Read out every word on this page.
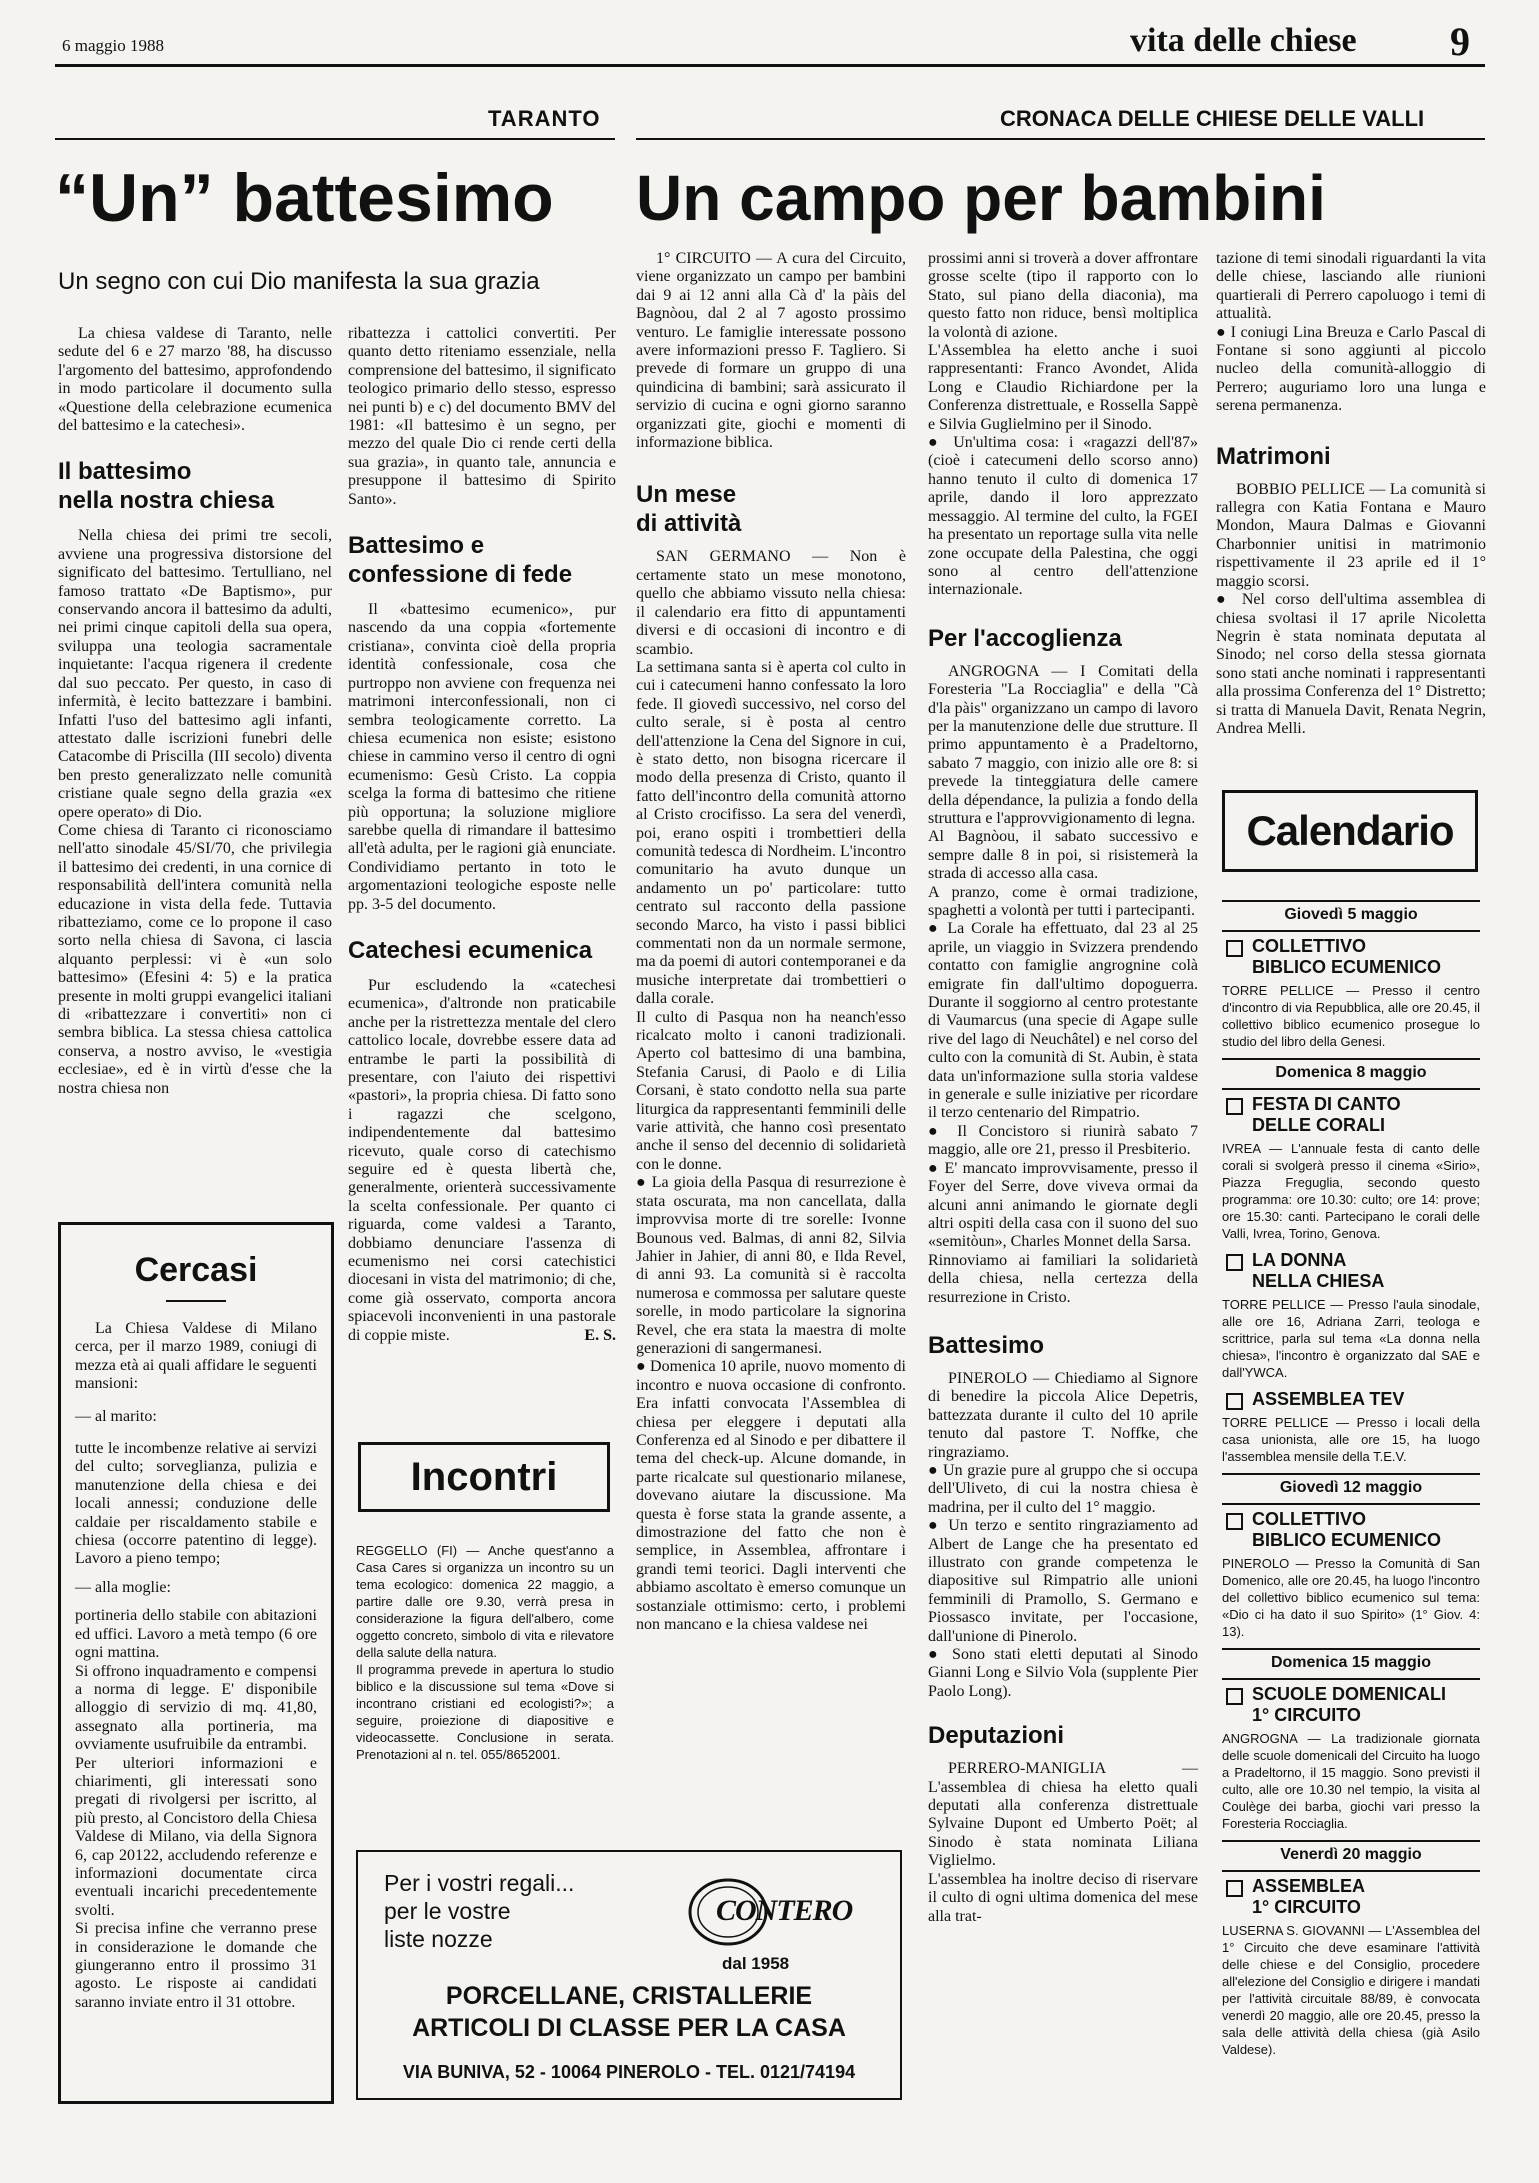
6 maggio 1988	vita delle chiese 9
TARANTO	CRONACA DELLE CHIESE DELLE VALLI
“Un” battesimo Un campo per bambini
Un segno con cui Dio manifesta la sua grazia

La chiesa valdese di Taranto, nelle sedute del 6 e 27 marzo '88, ha discusso l'argomento del battesimo, approfondendo in modo particolare il documento sulla «Questione della celebrazione ecumenica del battesimo e la catechesi».

Il battesimo
nella nostra chiesa

Nella chiesa dei primi tre secoli, avviene una progressiva distorsione del significato del battesimo. Tertulliano, nel famoso trattato «De Baptismo», pur conservando ancora il battesimo da adulti, nei primi cinque capitoli della sua opera, sviluppa una teologia sacramentale inquietante: l'acqua rigenera il credente dal suo peccato. Per questo, in caso di infermità, è lecito battezzare i bambini. Infatti l'uso del battesimo agli infanti, attestato dalle iscrizioni funebri delle Catacombe di Priscilla (III secolo) diventa ben presto generalizzato nelle comunità cristiane quale segno della grazia «ex opere operato» di Dio.
Come chiesa di Taranto ci riconosciamo nell'atto sinodale 45/SI/70, che privilegia il battesimo dei credenti, in una cornice di responsabilità dell'intera comunità nella educazione in vista della fede. Tuttavia ribatteziamo, come ce lo propone il caso sorto nella chiesa di Savona, ci lascia alquanto perplessi: vi è «un solo battesimo» (Efesini 4: 5) e la pratica presente in molti gruppi evangelici italiani di «ribattezzare i convertiti» non ci sembra biblica. La stessa chiesa cattolica conserva, a nostro avviso, le «vestigia ecclesiae», ed è in virtù d'esse che la nostra chiesa non

ribattezza i cattolici convertiti. Per quanto detto riteniamo essenziale, nella comprensione del battesimo, il significato teologico primario dello stesso, espresso nei punti b) e c) del documento BMV del 1981: «Il battesimo è un segno, per mezzo del quale Dio ci rende certi della sua grazia», in quanto tale, annuncia e presuppone il battesimo di Spirito Santo».

Battesimo e
confessione di fede

Il «battesimo ecumenico», pur nascendo da una coppia «fortemente cristiana», convinta cioè della propria identità confessionale, cosa che purtroppo non avviene con frequenza nei matrimoni interconfessionali, non ci sembra teologicamente corretto. La chiesa ecumenica non esiste; esistono chiese in cammino verso il centro di ogni ecumenismo: Gesù Cristo. La coppia scelga la forma di battesimo che ritiene più opportuna; la soluzione migliore sarebbe quella di rimandare il battesimo all'età adulta, per le ragioni già enunciate. Condividiamo pertanto in toto le argomentazioni teologiche esposte nelle pp. 3-5 del documento.

Catechesi ecumenica

Pur escludendo la «catechesi ecumenica», d'altronde non praticabile anche per la ristrettezza mentale del clero cattolico locale, dovrebbe essere data ad entrambe le parti la possibilità di presentare, con l'aiuto dei rispettivi «pastori», la propria chiesa. Di fatto sono i ragazzi che scelgono, indipendentemente dal battesimo ricevuto, quale corso di catechismo seguire ed è questa libertà che, generalmente, orienterà successivamente la scelta confessionale. Per quanto ci riguarda, come valdesi a Taranto, dobbiamo denunciare l'assenza di ecumenismo nei corsi catechistici diocesani in vista del matrimonio; di che, come già osservato, comporta ancora spiacevoli inconvenienti in una pastorale di coppie miste.	E. S.
Cercasi

La Chiesa Valdese di Milano cerca, per il marzo 1989, coniugi di mezza età ai quali affidare le seguenti mansioni:

— al marito:

tutte le incombenze relative ai servizi del culto; sorveglianza, pulizia e manutenzione della chiesa e dei locali annessi; conduzione delle caldaie per riscaldamento stabile e chiesa (occorre patentino di legge). Lavoro a pieno tempo;

— alla moglie:

portineria dello stabile con abitazioni ed uffici. Lavoro a metà tempo (6 ore ogni mattina.
Si offrono inquadramento e compensi a norma di legge. E' disponibile alloggio di servizio di mq. 41,80, assegnato alla portineria, ma ovviamente usufruibile da entrambi.
Per ulteriori informazioni e chiarimenti, gli interessati sono pregati di rivolgersi per iscritto, al più presto, al Concistoro della Chiesa Valdese di Milano, via della Signora 6, cap 20122, accludendo referenze e informazioni documentate circa eventuali incarichi precedentemente svolti.
Si precisa infine che verranno prese in considerazione le domande che giungeranno entro il prossimo 31 agosto. Le risposte ai candidati saranno inviate entro il 31 ottobre.

Incontri

REGGELLO (FI) — Anche quest'anno a Casa Cares si organizza un incontro su un tema ecologico: domenica 22 maggio, a partire dalle ore 9.30, verrà presa in considerazione la figura dell'albero, come oggetto concreto, simbolo di vita e rilevatore della salute della natura.
Il programma prevede in apertura lo studio biblico e la discussione sul tema «Dove si incontrano cristiani ed ecologisti?»; a seguire, proiezione di diapositive e videocassette. Conclusione in serata. Prenotazioni al n. tel. 055/8652001.

Per i vostri regali...
per le vostre
liste nozze
CONTERO
dal 1958
PORCELLANE, CRISTALLERIE
ARTICOLI DI CLASSE PER LA CASA
VIA BUNIVA, 52 - 10064 PINEROLO - TEL. 0121/74194

1° CIRCUITO — A cura del Circuito, viene organizzato un campo per bambini dai 9 ai 12 anni alla Cà d' la pàis del Bagnòou, dal 2 al 7 agosto prossimo venturo. Le famiglie interessate possono avere informazioni presso F. Tagliero. Si prevede di formare un gruppo di una quindicina di bambini; sarà assicurato il servizio di cucina e ogni giorno saranno organizzati gite, giochi e momenti di informazione biblica.

Un mese
di attività

SAN GERMANO — Non è certamente stato un mese monotono, quello che abbiamo vissuto nella chiesa: il calendario era fitto di appuntamenti diversi e di occasioni di incontro e di scambio.
La settimana santa si è aperta col culto in cui i catecumeni hanno confessato la loro fede. Il giovedì successivo, nel corso del culto serale, si è posta al centro dell'attenzione la Cena del Signore in cui, è stato detto, non bisogna ricercare il modo della presenza di Cristo, quanto il fatto dell'incontro della comunità attorno al Cristo crocifisso. La sera del venerdì, poi, erano ospiti i trombettieri della comunità tedesca di Nordheim. L'incontro comunitario ha avuto dunque un andamento un po' particolare: tutto centrato sul racconto della passione secondo Marco, ha visto i passi biblici commentati non da un normale sermone, ma da poemi di autori contemporanei e da musiche interpretate dai trombettieri o dalla corale.
Il culto di Pasqua non ha neanch'esso ricalcato molto i canoni tradizionali. Aperto col battesimo di una bambina, Stefania Carusi, di Paolo e di Lilia Corsani, è stato condotto nella sua parte liturgica da rappresentanti femminili delle varie attività, che hanno così presentato anche il senso del decennio di solidarietà con le donne.
● La gioia della Pasqua di resurrezione è stata oscurata, ma non cancellata, dalla improvvisa morte di tre sorelle: Ivonne Bounous ved. Balmas, di anni 82, Silvia Jahier in Jahier, di anni 80, e Ilda Revel, di anni 93. La comunità si è raccolta numerosa e commossa per salutare queste sorelle, in modo particolare la signorina Revel, che era stata la maestra di molte generazioni di sangermanesi.
● Domenica 10 aprile, nuovo momento di incontro e nuova occasione di confronto. Era infatti convocata l'Assemblea di chiesa per eleggere i deputati alla Conferenza ed al Sinodo e per dibattere il tema del check-up. Alcune domande, in parte ricalcate sul questionario milanese, dovevano aiutare la discussione. Ma questa è forse stata la grande assente, a dimostrazione del fatto che non è semplice, in Assemblea, affrontare i grandi temi teorici. Dagli interventi che abbiamo ascoltato è emerso comunque un sostanziale ottimismo: certo, i problemi non mancano e la chiesa valdese nei

prossimi anni si troverà a dover affrontare grosse scelte (tipo il rapporto con lo Stato, sul piano della diaconia), ma questo fatto non riduce, bensì moltiplica la volontà di azione.
L'Assemblea ha eletto anche i suoi rappresentanti: Franco Avondet, Alida Long e Claudio Richiardone per la Conferenza distrettuale, e Rossella Sappè e Silvia Guglielmino per il Sinodo.
● Un'ultima cosa: i «ragazzi dell'87» (cioè i catecumeni dello scorso anno) hanno tenuto il culto di domenica 17 aprile, dando il loro apprezzato messaggio. Al termine del culto, la FGEI ha presentato un reportage sulla vita nelle zone occupate della Palestina, che oggi sono al centro dell'attenzione internazionale.

Per l'accoglienza

ANGROGNA — I Comitati della Foresteria "La Rocciaglia" e della "Cà d'la pàis" organizzano un campo di lavoro per la manutenzione delle due strutture. Il primo appuntamento è a Pradeltorno, sabato 7 maggio, con inizio alle ore 8: si prevede la tinteggiatura delle camere della dépendance, la pulizia a fondo della struttura e l'approvvigionamento di legna.
Al Bagnòou, il sabato successivo e sempre dalle 8 in poi, si risistemerà la strada di accesso alla casa.
A pranzo, come è ormai tradizione, spaghetti a volontà per tutti i partecipanti.
● La Corale ha effettuato, dal 23 al 25 aprile, un viaggio in Svizzera prendendo contatto con famiglie angrognine colà emigrate fin dall'ultimo dopoguerra. Durante il soggiorno al centro protestante di Vaumarcus (una specie di Agape sulle rive del lago di Neuchâtel) e nel corso del culto con la comunità di St. Aubin, è stata data un'informazione sulla storia valdese in generale e sulle iniziative per ricordare il terzo centenario del Rimpatrio.
● Il Concistoro si riunirà sabato 7 maggio, alle ore 21, presso il Presbiterio.
● E' mancato improvvisamente, presso il Foyer del Serre, dove viveva ormai da alcuni anni animando le giornate degli altri ospiti della casa con il suono del suo «semitòun», Charles Monnet della Sarsa.
Rinnoviamo ai familiari la solidarietà della chiesa, nella certezza della resurrezione in Cristo.

Battesimo

PINEROLO — Chiediamo al Signore di benedire la piccola Alice Depetris, battezzata durante il culto del 10 aprile tenuto dal pastore T. Noffke, che ringraziamo.
● Un grazie pure al gruppo che si occupa dell'Uliveto, di cui la nostra chiesa è madrina, per il culto del 1° maggio.
● Un terzo e sentito ringraziamento ad Albert de Lange che ha presentato ed illustrato con grande competenza le diapositive sul Rimpatrio alle unioni femminili di Pramollo, S. Germano e Piossasco invitate, per l'occasione, dall'unione di Pinerolo.
● Sono stati eletti deputati al Sinodo Gianni Long e Silvio Vola (supplente Pier Paolo Long).

Deputazioni

PERRERO-MANIGLIA — L'assemblea di chiesa ha eletto quali deputati alla conferenza distrettuale Sylvaine Dupont ed Umberto Poët; al Sinodo è stata nominata Liliana Viglielmo.
L'assemblea ha inoltre deciso di riservare il culto di ogni ultima domenica del mese alla trat-

tazione di temi sinodali riguardanti la vita delle chiese, lasciando alle riunioni quartierali di Perrero capoluogo i temi di attualità.
● I coniugi Lina Breuza e Carlo Pascal di Fontane si sono aggiunti al piccolo nucleo della comunità-alloggio di Perrero; auguriamo loro una lunga e serena permanenza.

Matrimoni

BOBBIO PELLICE — La comunità si rallegra con Katia Fontana e Mauro Mondon, Maura Dalmas e Giovanni Charbonnier unitisi in matrimonio rispettivamente il 23 aprile ed il 1° maggio scorsi.
● Nel corso dell'ultima assemblea di chiesa svoltasi il 17 aprile Nicoletta Negrin è stata nominata deputata al Sinodo; nel corso della stessa giornata sono stati anche nominati i rappresentanti alla prossima Conferenza del 1° Distretto; si tratta di Manuela Davit, Renata Negrin, Andrea Melli.

Calendario
Giovedì 5 maggio
COLLETTIVO
BIBLICO ECUMENICO
TORRE PELLICE — Presso il centro d'incontro di via Repubblica, alle ore 20.45, il collettivo biblico ecumenico prosegue lo studio del libro della Genesi.
Domenica 8 maggio
FESTA DI CANTO
DELLE CORALI
IVREA — L'annuale festa di canto delle corali si svolgerà presso il cinema «Sirio», Piazza Freguglia, secondo questo programma: ore 10.30: culto; ore 14: prove; ore 15.30: canti. Partecipano le corali delle Valli, Ivrea, Torino, Genova.
LA DONNA
NELLA CHIESA
TORRE PELLICE — Presso l'aula sinodale, alle ore 16, Adriana Zarri, teologa e scrittrice, parla sul tema «La donna nella chiesa», l'incontro è organizzato dal SAE e dall'YWCA.
ASSEMBLEA TEV
TORRE PELLICE — Presso i locali della casa unionista, alle ore 15, ha luogo l'assemblea mensile della T.E.V.
Giovedì 12 maggio
COLLETTIVO
BIBLICO ECUMENICO
PINEROLO — Presso la Comunità di San Domenico, alle ore 20.45, ha luogo l'incontro del collettivo biblico ecumenico sul tema: «Dio ci ha dato il suo Spirito» (1° Giov. 4: 13).
Domenica 15 maggio
SCUOLE DOMENICALI
1° CIRCUITO
ANGROGNA — La tradizionale giornata delle scuole domenicali del Circuito ha luogo a Pradeltorno, il 15 maggio. Sono previsti il culto, alle ore 10.30 nel tempio, la visita al Coulège dei barba, giochi vari presso la Foresteria Rocciaglia.
Venerdì 20 maggio
ASSEMBLEA
1° CIRCUITO
LUSERNA S. GIOVANNI — L'Assemblea del 1° Circuito che deve esaminare l'attività delle chiese e del Consiglio, procedere all'elezione del Consiglio e dirigere i mandati per l'attività circuitale 88/89, è convocata venerdì 20 maggio, alle ore 20.45, presso la sala delle attività della chiesa (già Asilo Valdese).
